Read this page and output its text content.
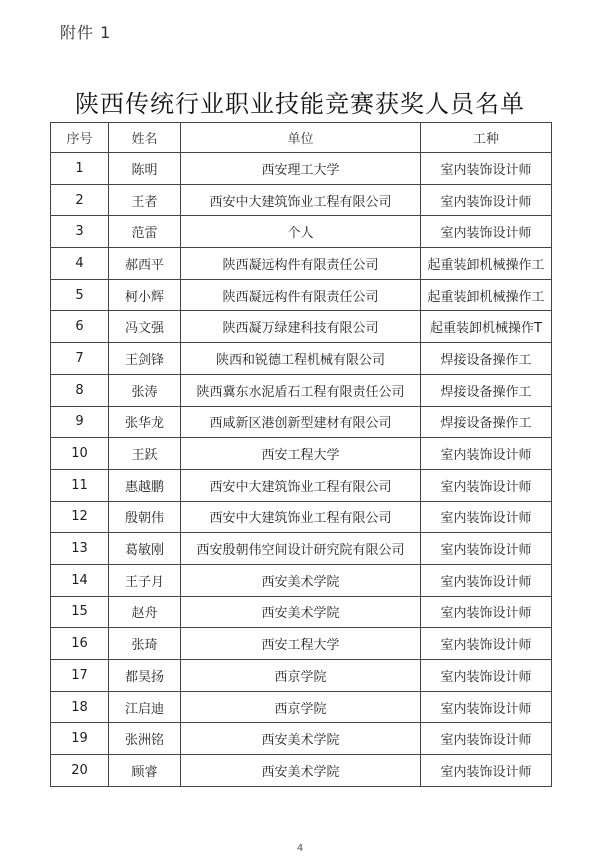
附件 1
陕西传统行业职业技能竞赛获奖人员名单
序号	姓名	单位	工种
1	陈明	西安理工大学	室内装饰设计师
2	王者	西安中大建筑饰业工程有限公司	室内装饰设计师
3	范雷	个人	室内装饰设计师
4	郝西平	陕西凝远构件有限责任公司	起重装卸机械操作工
5	柯小辉	陕西凝远构件有限责任公司	起重装卸机械操作工
6	冯文强	陕西凝万绿建科技有限公司	起重装卸机械操作T
7	王剑锋	陕西和锐德工程机械有限公司	焊接设备操作工
8	张涛	陕西冀东水泥盾石工程有限责任公司	焊接设备操作工
9	张华龙	西咸新区港创新型建材有限公司	焊接设备操作工
10	王跃	西安工程大学	室内装饰设计师
11	惠越鹏	西安中大建筑饰业工程有限公司	室内装饰设计师
12	殷朝伟	西安中大建筑饰业工程有限公司	室内装饰设计师
13	葛敏刚	西安殷朝伟空间设计研究院有限公司	室内装饰设计师
14	王子月	西安美术学院	室内装饰设计师
15	赵舟	西安美术学院	室内装饰设计师
16	张琦	西安工程大学	室内装饰设计师
17	都昊扬	西京学院	室内装饰设计师
18	江启迪	西京学院	室内装饰设计师
19	张洲铭	西安美术学院	室内装饰设计师
20	顾睿	西安美术学院	室内装饰设计师
4
